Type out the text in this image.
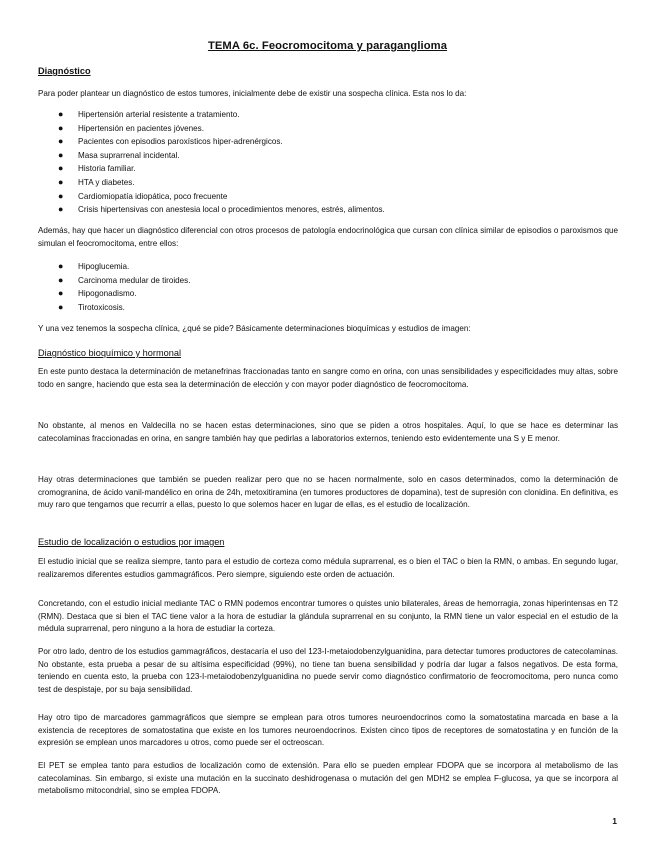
TEMA 6c. Feocromocitoma y paraganglioma
Diagnóstico

Para poder plantear un diagnóstico de estos tumores, inicialmente debe de existir una sospecha clínica. Esta nos lo da:

● Hipertensión arterial resistente a tratamiento.
● Hipertensión en pacientes jóvenes.
● Pacientes con episodios paroxísticos hiper-adrenérgicos.
● Masa suprarrenal incidental.
● Historia familiar.
● HTA y diabetes.
● Cardiomiopatía idiopática, poco frecuente
● Crisis hipertensivas con anestesia local o procedimientos menores, estrés, alimentos.

Además, hay que hacer un diagnóstico diferencial con otros procesos de patología endocrinológica que cursan con clínica similar de episodios o paroxismos que simulan el feocromocitoma, entre ellos:

● Hipoglucemia.
● Carcinoma medular de tiroides.
● Hipogonadismo.
● Tirotoxicosis.

Y una vez tenemos la sospecha clínica, ¿qué se pide? Básicamente determinaciones bioquímicas y estudios de imagen:

Diagnóstico bioquímico y hormonal

En este punto destaca la determinación de metanefrinas fraccionadas tanto en sangre como en orina, con unas sensibilidades y especificidades muy altas, sobre todo en sangre, haciendo que esta sea la determinación de elección y con mayor poder diagnóstico de feocromocitoma.

No obstante, al menos en Valdecilla no se hacen estas determinaciones, sino que se piden a otros hospitales. Aquí, lo que se hace es determinar las catecolaminas fraccionadas en orina, en sangre también hay que pedirlas a laboratorios externos, teniendo esto evidentemente una S y E menor.

Hay otras determinaciones que también se pueden realizar pero que no se hacen normalmente, solo en casos determinados, como la determinación de cromogranina, de ácido vanil-mandélico en orina de 24h, metoxitiramina (en tumores productores de dopamina), test de supresión con clonidina. En definitiva, es muy raro que tengamos que recurrir a ellas, puesto lo que solemos hacer en lugar de ellas, es el estudio de localización.

Estudio de localización o estudios por imagen

El estudio inicial que se realiza siempre, tanto para el estudio de corteza como médula suprarrenal, es o bien el TAC o bien la RMN, o ambas. En segundo lugar, realizaremos diferentes estudios gammagráficos. Pero siempre, siguiendo este orden de actuación.

Concretando, con el estudio inicial mediante TAC o RMN podemos encontrar tumores o quistes unio bilaterales, áreas de hemorragia, zonas hiperintensas en T2 (RMN). Destaca que si bien el TAC tiene valor a la hora de estudiar la glándula suprarrenal en su conjunto, la RMN tiene un valor especial en el estudio de la médula suprarrenal, pero ninguno a la hora de estudiar la corteza.

Por otro lado, dentro de los estudios gammagráficos, destacaría el uso del 123-I-metaiodobenzylguanidina, para detectar tumores productores de catecolaminas. No obstante, esta prueba a pesar de su altísima especificidad (99%), no tiene tan buena sensibilidad y podría dar lugar a falsos negativos. De esta forma, teniendo en cuenta esto, la prueba con 123-I-metaiodobenzylguanidina no puede servir como diagnóstico confirmatorio de feocromocitoma, pero nunca como test de despistaje, por su baja sensibilidad.

Hay otro tipo de marcadores gammagráficos que siempre se emplean para otros tumores neuroendocrinos como la somatostatina marcada en base a la existencia de receptores de somatostatina que existe en los tumores neuroendocrinos. Existen cinco tipos de receptores de somatostatina y en función de la expresión se emplean unos marcadores u otros, como puede ser el octreoscan.

El PET se emplea tanto para estudios de localización como de extensión. Para ello se pueden emplear FDOPA que se incorpora al metabolismo de las catecolaminas. Sin embargo, si existe una mutación en la succinato deshidrogenasa o mutación del gen MDH2 se emplea F-glucosa, ya que se incorpora al metabolismo mitocondrial, sino se emplea FDOPA.

1
